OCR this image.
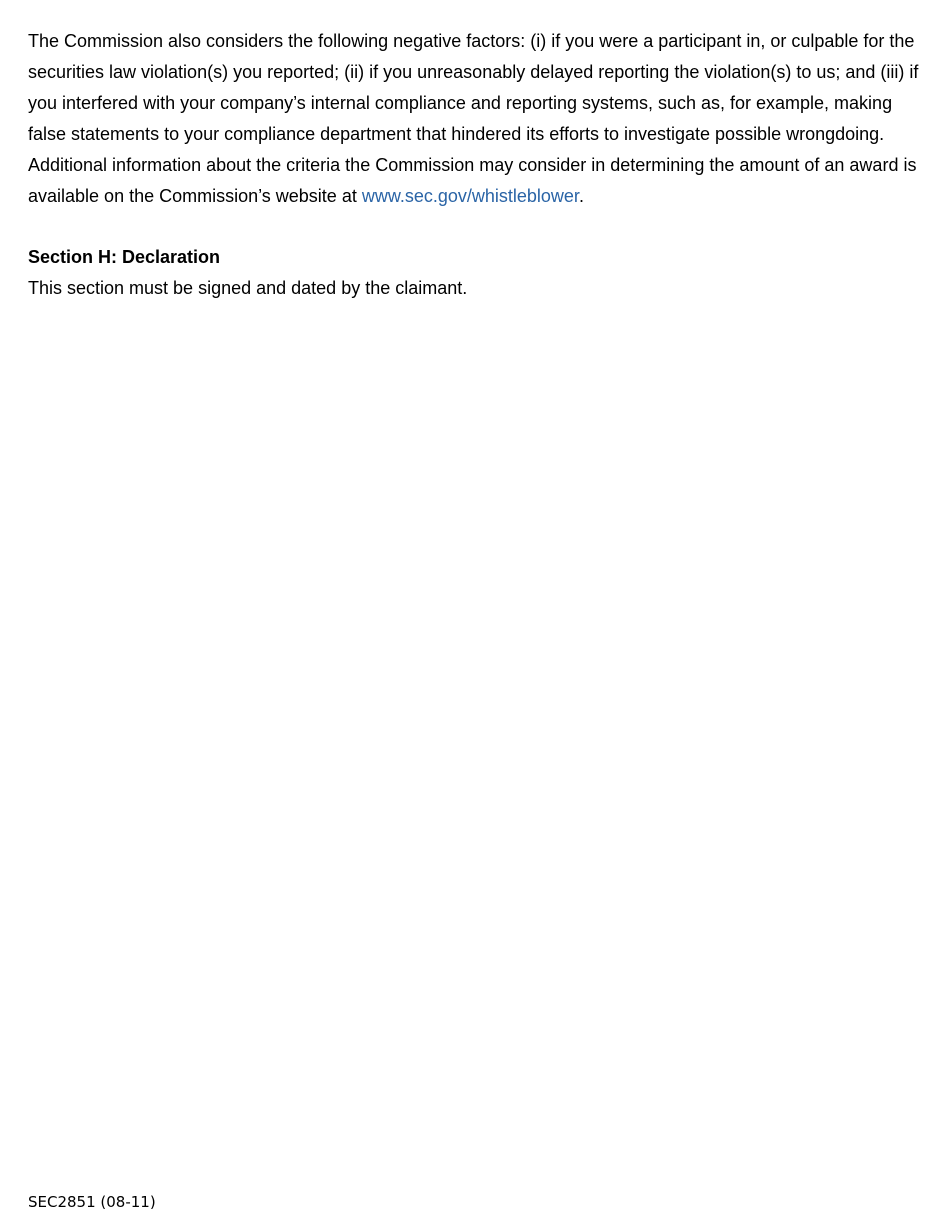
The Commission also considers the following negative factors: (i) if you were a participant in, or culpable for the securities law violation(s) you reported; (ii) if you unreasonably delayed reporting the violation(s) to us; and (iii) if you interfered with your company’s internal compliance and reporting systems, such as, for example, making false statements to your compliance department that hindered its efforts to investigate possible wrongdoing. Additional information about the criteria the Commission may consider in determining the amount of an award is available on the Commission’s website at www.sec.gov/whistleblower.

Section H: Declaration

This section must be signed and dated by the claimant.

SEC2851 (08-11)
